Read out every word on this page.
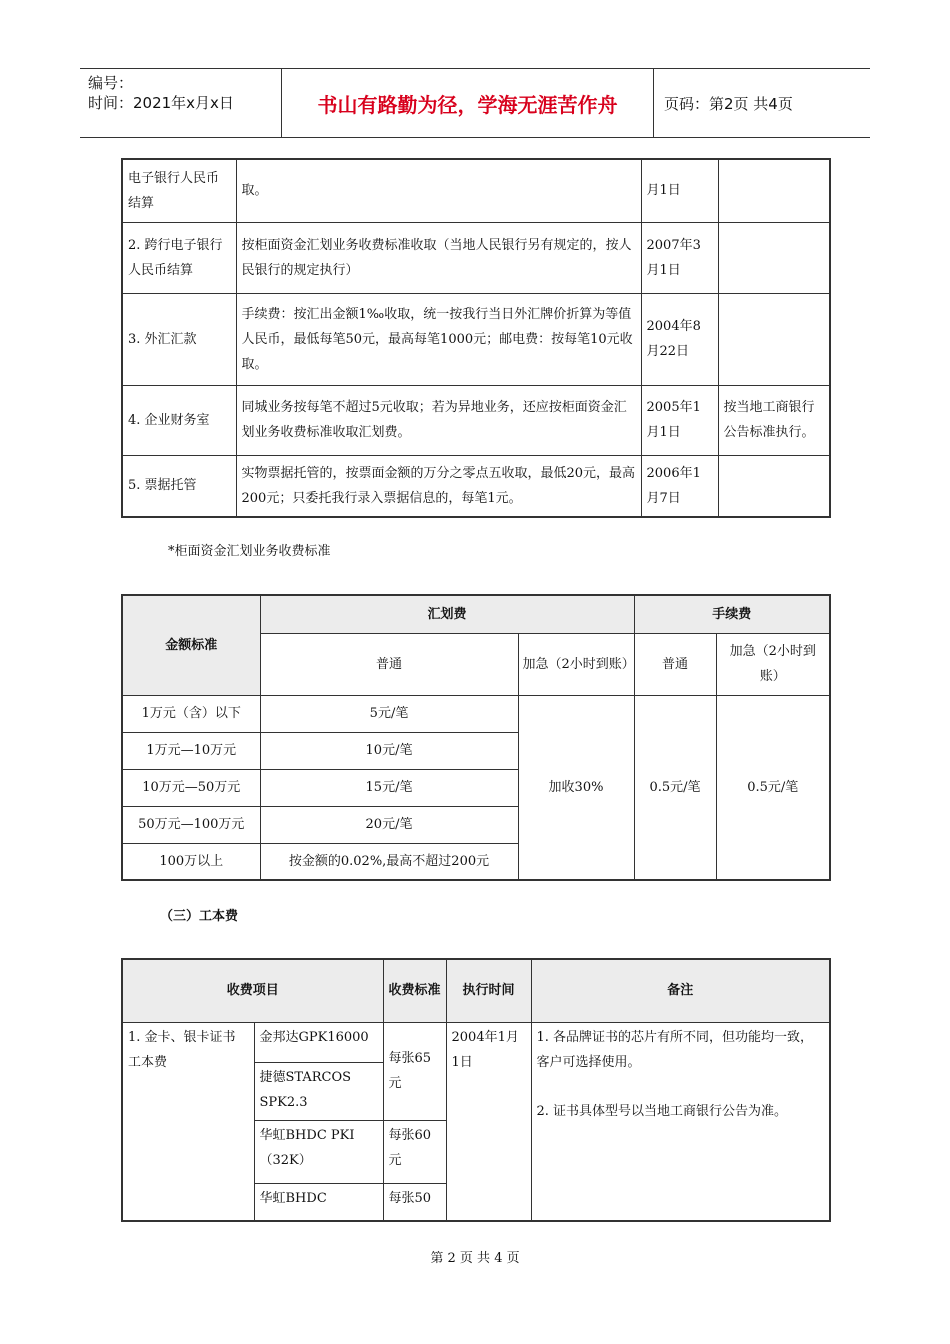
编号：
时间：2021年x月x日	书山有路勤为径，学海无涯苦作舟	页码：第2页 共4页
电子银行人民币结算	取。	月1日	
2. 跨行电子银行人民币结算	按柜面资金汇划业务收费标准收取（当地人民银行另有规定的，按人民银行的规定执行）	2007年3月1日	
3. 外汇汇款	手续费：按汇出金额1‰收取，统一按我行当日外汇牌价折算为等值人民币，最低每笔50元，最高每笔1000元；邮电费：按每笔10元收取。	2004年8月22日	
4. 企业财务室	同城业务按每笔不超过5元收取；若为异地业务，还应按柜面资金汇划业务收费标准收取汇划费。	2005年1月1日	按当地工商银行公告标准执行。
5. 票据托管	实物票据托管的，按票面金额的万分之零点五收取，最低20元，最高200元；只委托我行录入票据信息的，每笔1元。	2006年1月7日	
*柜面资金汇划业务收费标准
金额标准	汇划费		手续费	
	普通	加急（2小时到账）	普通	加急（2小时到账）
1万元（含）以下	5元/笔	加收30%	0.5元/笔	0.5元/笔
1万元—10万元	10元/笔			
10万元—50万元	15元/笔			
50万元—100万元	20元/笔			
100万以上	按金额的0.02%,最高不超过200元			
（三）工本费
收费项目		收费标准	执行时间	备注
1. 金卡、银卡证书工本费	金邦达GPK16000	每张65元	2004年1月1日	1. 各品牌证书的芯片有所不同，但功能均一致，客户可选择使用。

2. 证书具体型号以当地工商银行公告为准。

	捷德STARCOS SPK2.3			
	华虹BHDC PKI（32K）	每张60元		
	华虹BHDC	每张50		
第 2 页 共 4 页
